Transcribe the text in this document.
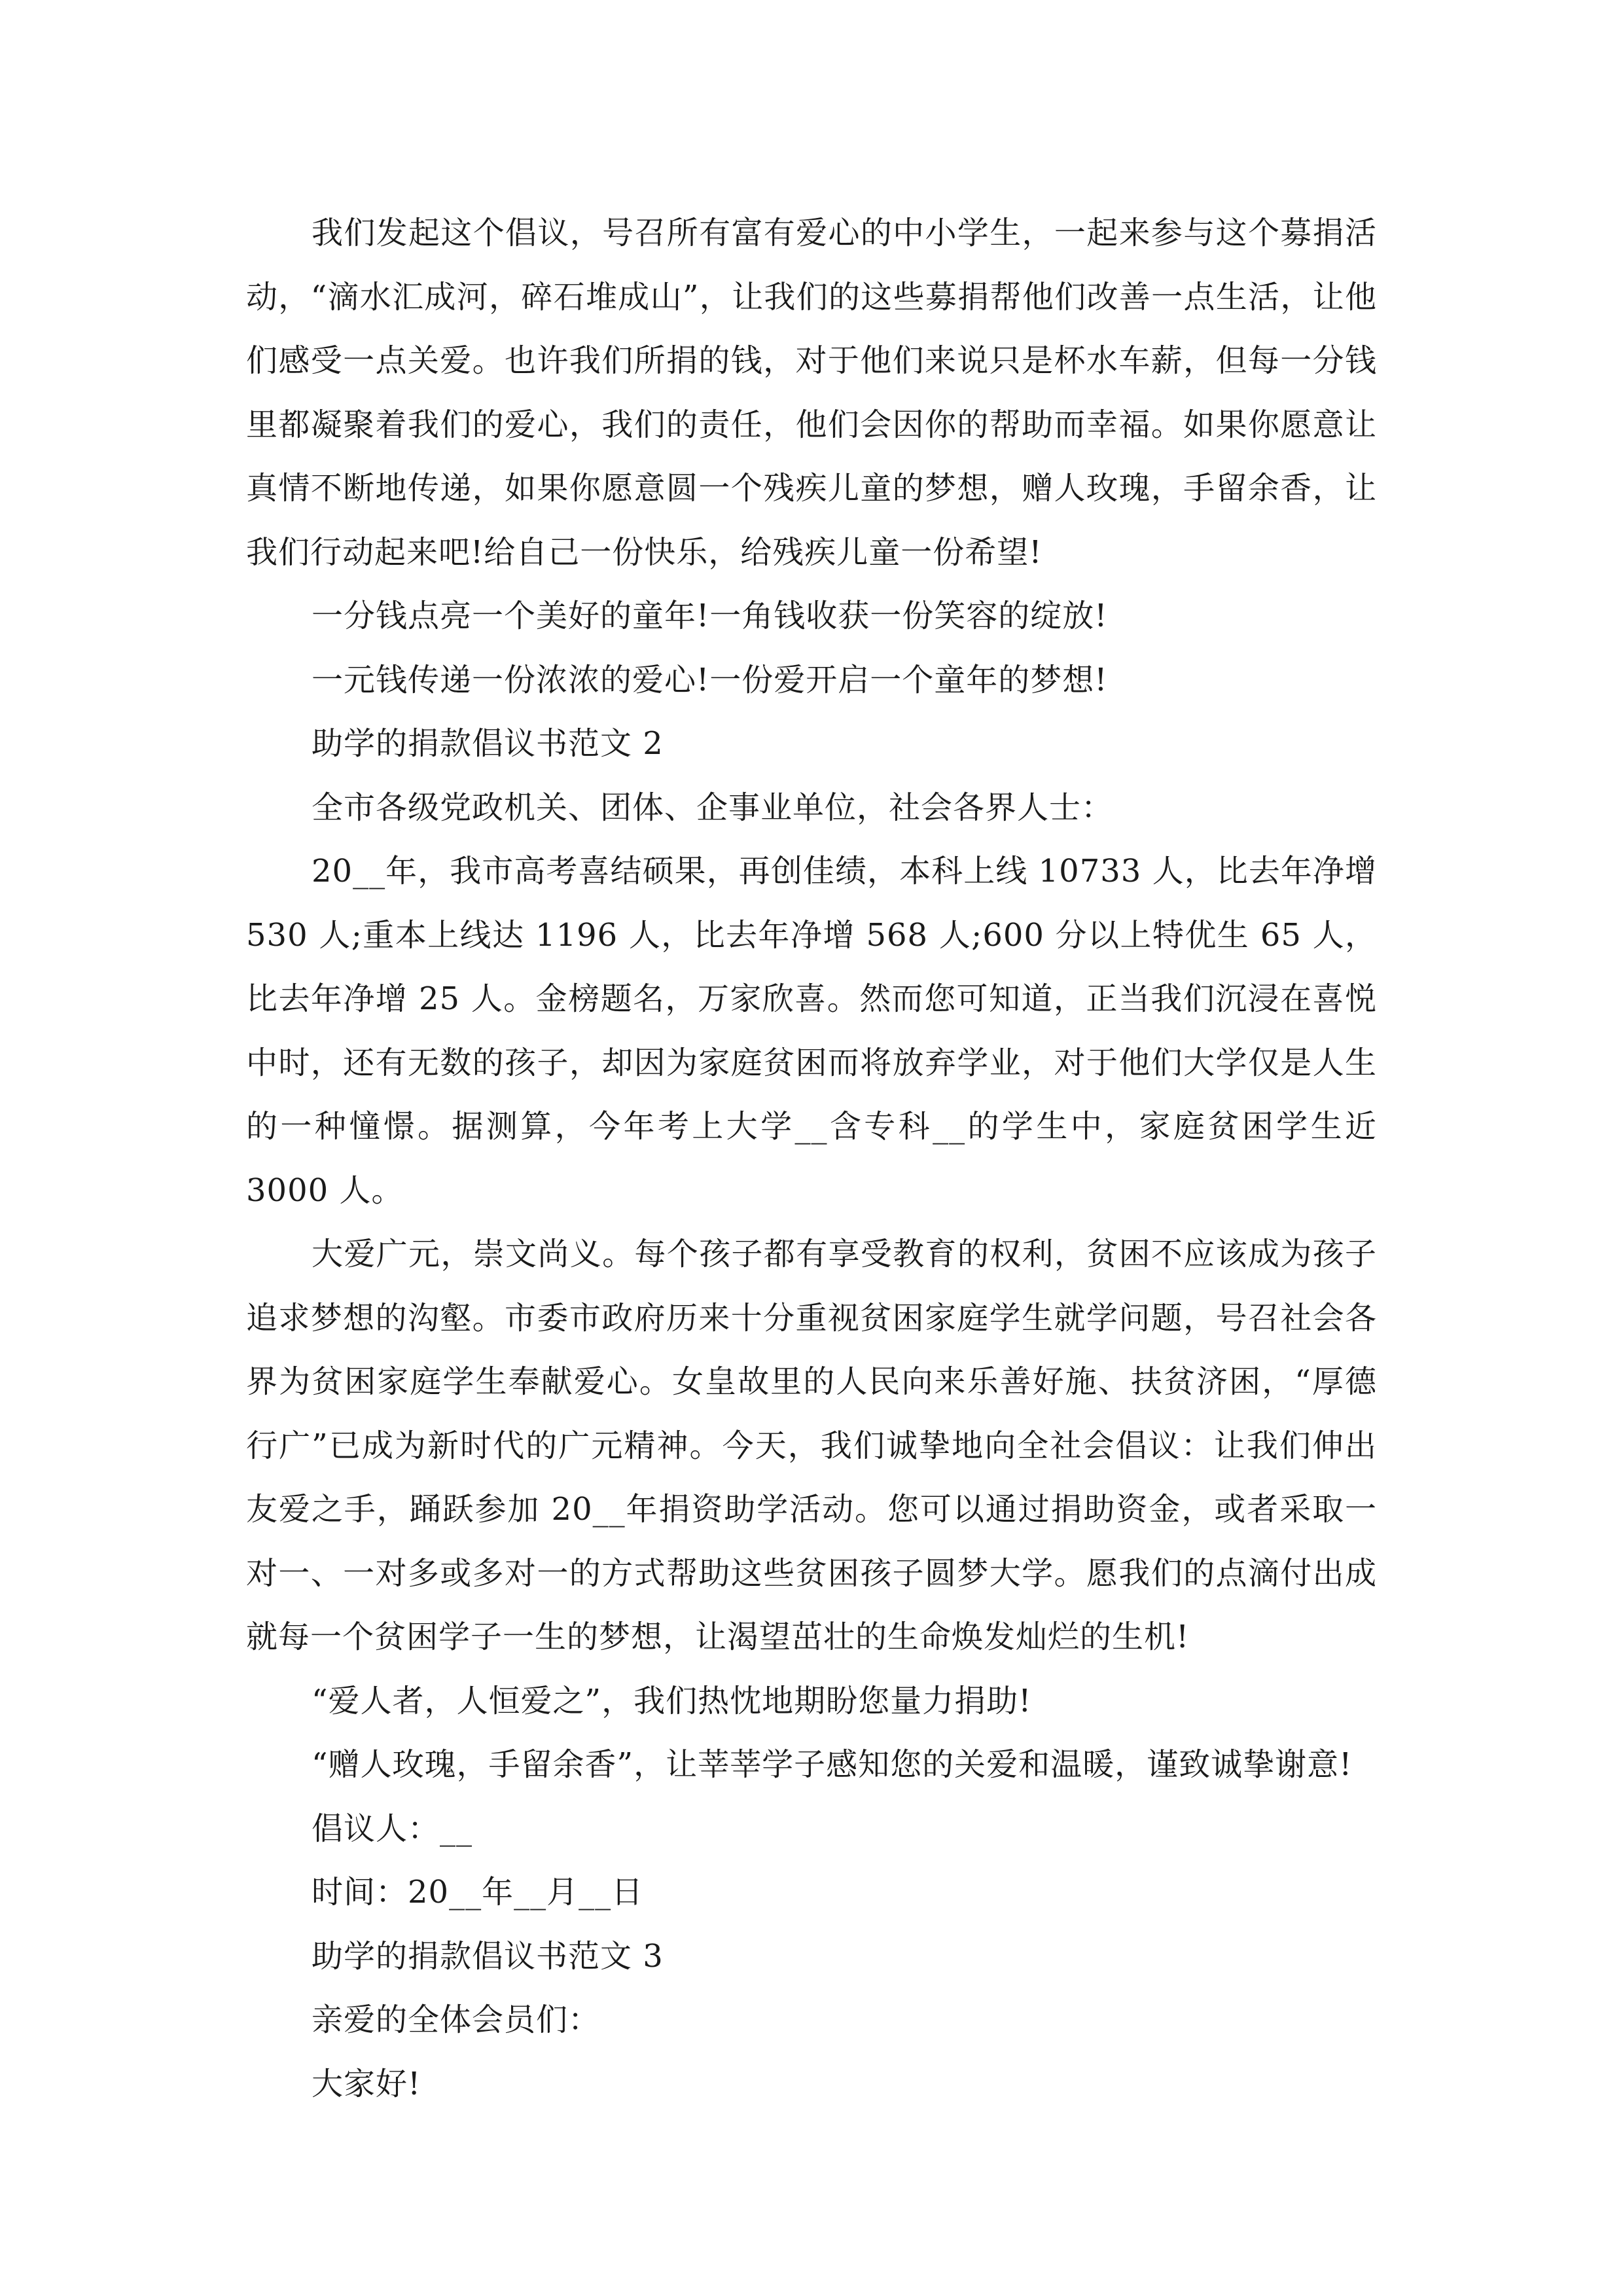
我们发起这个倡议，号召所有富有爱心的中小学生，一起来参与这个募捐活动，“滴水汇成河，碎石堆成山”，让我们的这些募捐帮他们改善一点生活，让他们感受一点关爱。也许我们所捐的钱，对于他们来说只是杯水车薪，但每一分钱里都凝聚着我们的爱心，我们的责任，他们会因你的帮助而幸福。如果你愿意让真情不断地传递，如果你愿意圆一个残疾儿童的梦想，赠人玫瑰，手留余香，让我们行动起来吧!给自己一份快乐，给残疾儿童一份希望!

一分钱点亮一个美好的童年!一角钱收获一份笑容的绽放!

一元钱传递一份浓浓的爱心!一份爱开启一个童年的梦想!

助学的捐款倡议书范文 2

全市各级党政机关、团体、企事业单位，社会各界人士：

20__年，我市高考喜结硕果，再创佳绩，本科上线 10733 人，比去年净增 530 人;重本上线达 1196 人，比去年净增 568 人;600 分以上特优生 65 人，比去年净增 25 人。金榜题名，万家欣喜。然而您可知道，正当我们沉浸在喜悦中时，还有无数的孩子，却因为家庭贫困而将放弃学业，对于他们大学仅是人生的一种憧憬。据测算，今年考上大学__含专科__的学生中，家庭贫困学生近 3000 人。

大爱广元，崇文尚义。每个孩子都有享受教育的权利，贫困不应该成为孩子追求梦想的沟壑。市委市政府历来十分重视贫困家庭学生就学问题，号召社会各界为贫困家庭学生奉献爱心。女皇故里的人民向来乐善好施、扶贫济困，“厚德行广”已成为新时代的广元精神。今天，我们诚挚地向全社会倡议：让我们伸出友爱之手，踊跃参加 20__年捐资助学活动。您可以通过捐助资金，或者采取一对一、一对多或多对一的方式帮助这些贫困孩子圆梦大学。愿我们的点滴付出成就每一个贫困学子一生的梦想，让渴望茁壮的生命焕发灿烂的生机!

“爱人者，人恒爱之”，我们热忱地期盼您量力捐助!

“赠人玫瑰，手留余香”，让莘莘学子感知您的关爱和温暖，谨致诚挚谢意!

倡议人：__

时间：20__年__月__日

助学的捐款倡议书范文 3

亲爱的全体会员们：

大家好!
